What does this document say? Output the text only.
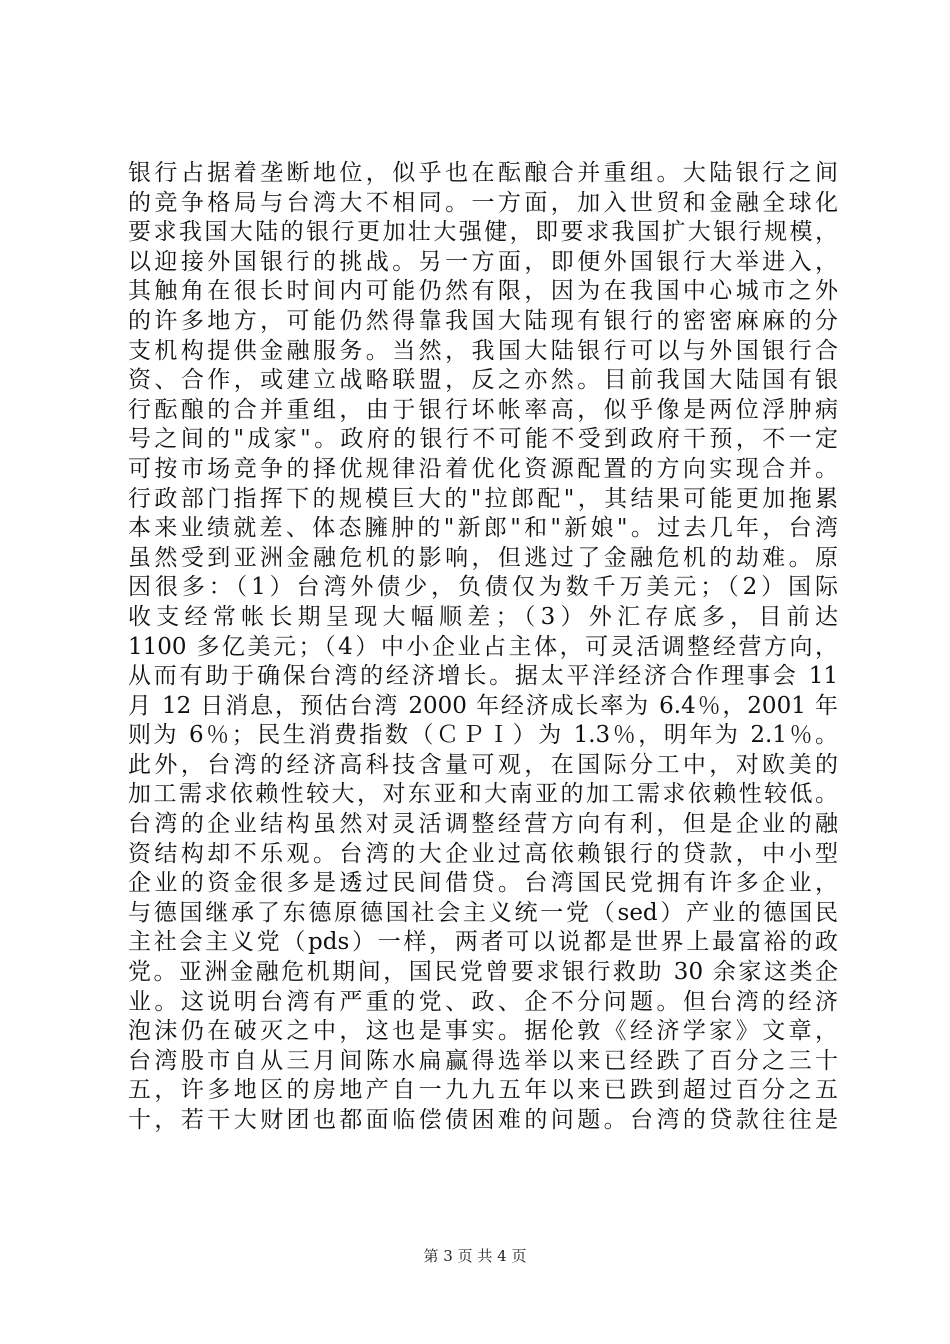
银行占据着垄断地位，似乎也在酝酿合并重组。大陆银行之间
的竞争格局与台湾大不相同。一方面，加入世贸和金融全球化
要求我国大陆的银行更加壮大强健，即要求我国扩大银行规模，
以迎接外国银行的挑战。另一方面，即便外国银行大举进入，
其触角在很长时间内可能仍然有限，因为在我国中心城市之外
的许多地方，可能仍然得靠我国大陆现有银行的密密麻麻的分
支机构提供金融服务。当然，我国大陆银行可以与外国银行合
资、合作，或建立战略联盟，反之亦然。目前我国大陆国有银
行酝酿的合并重组，由于银行坏帐率高，似乎像是两位浮肿病
号之间的"成家"。政府的银行不可能不受到政府干预，不一定
可按市场竞争的择优规律沿着优化资源配置的方向实现合并。
行政部门指挥下的规模巨大的"拉郎配"，其结果可能更加拖累
本来业绩就差、体态臃肿的"新郎"和"新娘"。过去几年，台湾
虽然受到亚洲金融危机的影响，但逃过了金融危机的劫难。原
因很多：（1）台湾外债少，负债仅为数千万美元；（2）国际
收支经常帐长期呈现大幅顺差；（3）外汇存底多，目前达
1100 多亿美元；（4）中小企业占主体，可灵活调整经营方向，
从而有助于确保台湾的经济增长。据太平洋经济合作理事会 11
月 12 日消息，预估台湾 2000 年经济成长率为 6.4％，2001 年
则为 6％；民生消费指数（ＣＰＩ）为 1.3％，明年为 2.1％。
此外，台湾的经济高科技含量可观，在国际分工中，对欧美的
加工需求依赖性较大，对东亚和大南亚的加工需求依赖性较低。
台湾的企业结构虽然对灵活调整经营方向有利，但是企业的融
资结构却不乐观。台湾的大企业过高依赖银行的贷款，中小型
企业的资金很多是透过民间借贷。台湾国民党拥有许多企业，
与德国继承了东德原德国社会主义统一党（sed）产业的德国民
主社会主义党（pds）一样，两者可以说都是世界上最富裕的政
党。亚洲金融危机期间，国民党曾要求银行救助 30 余家这类企
业。这说明台湾有严重的党、政、企不分问题。但台湾的经济
泡沫仍在破灭之中，这也是事实。据伦敦《经济学家》文章，
台湾股市自从三月间陈水扁赢得选举以来已经跌了百分之三十
五，许多地区的房地产自一九九五年以来已跌到超过百分之五
十，若干大财团也都面临偿债困难的问题。台湾的贷款往往是
第 3 页 共 4 页
